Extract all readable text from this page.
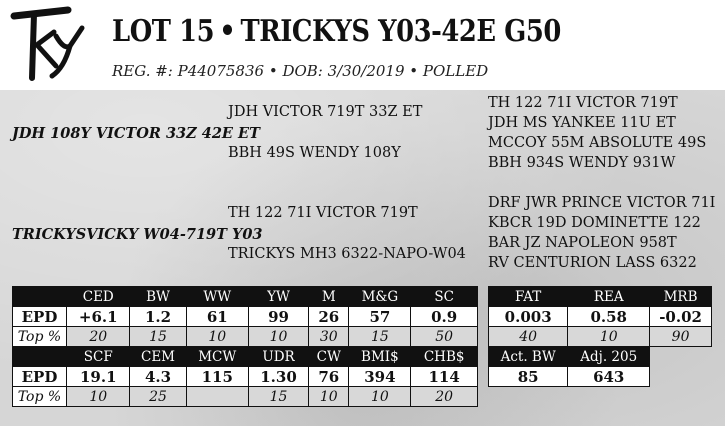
LOT 15 • TRICKYS Y03-42E G50
REG. #: P44075836 • DOB: 3/30/2019 • POLLED
JDH VICTOR 719T 33Z ET
JDH 108Y VICTOR 33Z 42E ET
BBH 49S WENDY 108Y
TH 122 71I VICTOR 719T
TRICKYSVICKY W04-719T Y03
TRICKYS MH3 6322-NAPO-W04
TH 122 71I VICTOR 719T
JDH MS YANKEE 11U ET
MCCOY 55M ABSOLUTE 49S
BBH 934S WENDY 931W
DRF JWR PRINCE VICTOR 71I
KBCR 19D DOMINETTE 122
BAR JZ NAPOLEON 958T
RV CENTURION LASS 6322
	CED	BW	WW	YW	M	M&G	SC
EPD	+6.1	1.2	61	99	26	57	0.9
Top %	20	15	10	10	30	15	50
	SCF	CEM	MCW	UDR	CW	BMI$	CHB$
EPD	19.1	4.3	115	1.30	76	394	114
Top %	10	25		15	10	10	20
FAT	REA	MRB
0.003	0.58	-0.02
40	10	90
Act. BW	Adj. 205	
85	643	
